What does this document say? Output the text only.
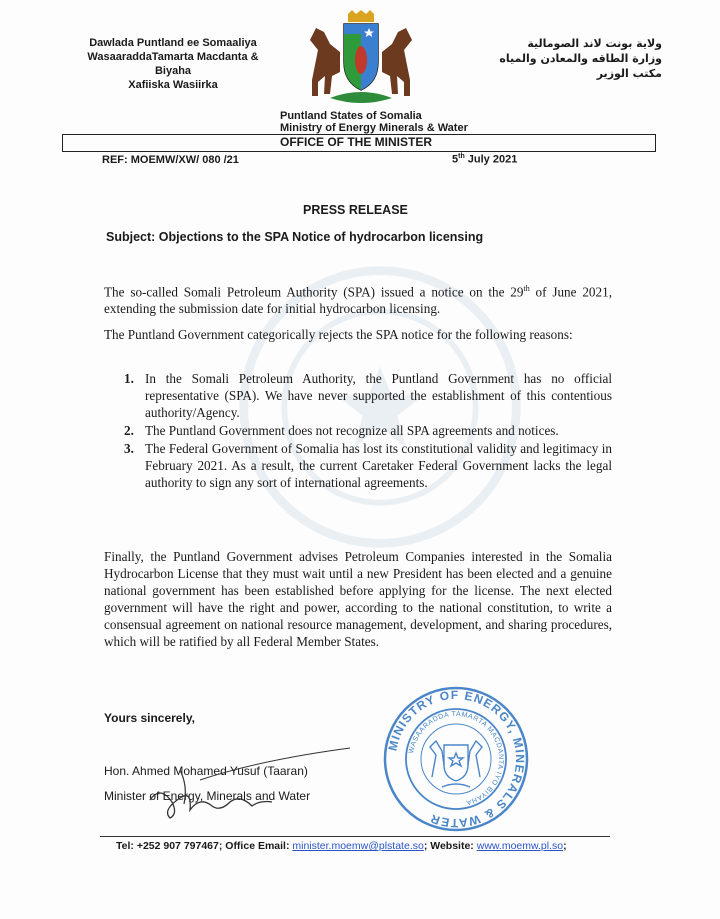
Dawlada Puntland ee Somaaliya
WasaaraddaTamarta Macdanta &
Biyaha
Xafiiska Wasiirka
ولاية بونت لاند الصومالية
وزارة الطاقه والمعادن والمياه
مكتب الوزير
Puntland States of Somalia
Ministry of Energy Minerals & Water
OFFICE OF THE MINISTER
REF: MOEMW/XW/ 080 /21	5th July 2021
PRESS RELEASE
Subject: Objections to the SPA Notice of hydrocarbon licensing
The so-called Somali Petroleum Authority (SPA) issued a notice on the 29th of June 2021, extending the submission date for initial hydrocarbon licensing.
The Puntland Government categorically rejects the SPA notice for the following reasons:
1. In the Somali Petroleum Authority, the Puntland Government has no official representative (SPA). We have never supported the establishment of this contentious authority/Agency.
2. The Puntland Government does not recognize all SPA agreements and notices.
3. The Federal Government of Somalia has lost its constitutional validity and legitimacy in February 2021. As a result, the current Caretaker Federal Government lacks the legal authority to sign any sort of international agreements.
Finally, the Puntland Government advises Petroleum Companies interested in the Somalia Hydrocarbon License that they must wait until a new President has been elected and a genuine national government has been established before applying for the license. The next elected government will have the right and power, according to the national constitution, to write a consensual agreement on national resource management, development, and sharing procedures, which will be ratified by all Federal Member States.
Yours sincerely,
Hon. Ahmed Mohamed Yusuf (Taaran)
Minister of Energy, Minerals and Water
MINISTRY OF ENERGY, MINERALS & WATER
WASAARADDA TAMARTA MACDANTA IYO BIYAHA
Tel: +252 907 797467; Office Email: minister.moemw@plstate.so; Website: www.moemw.pl.so;
